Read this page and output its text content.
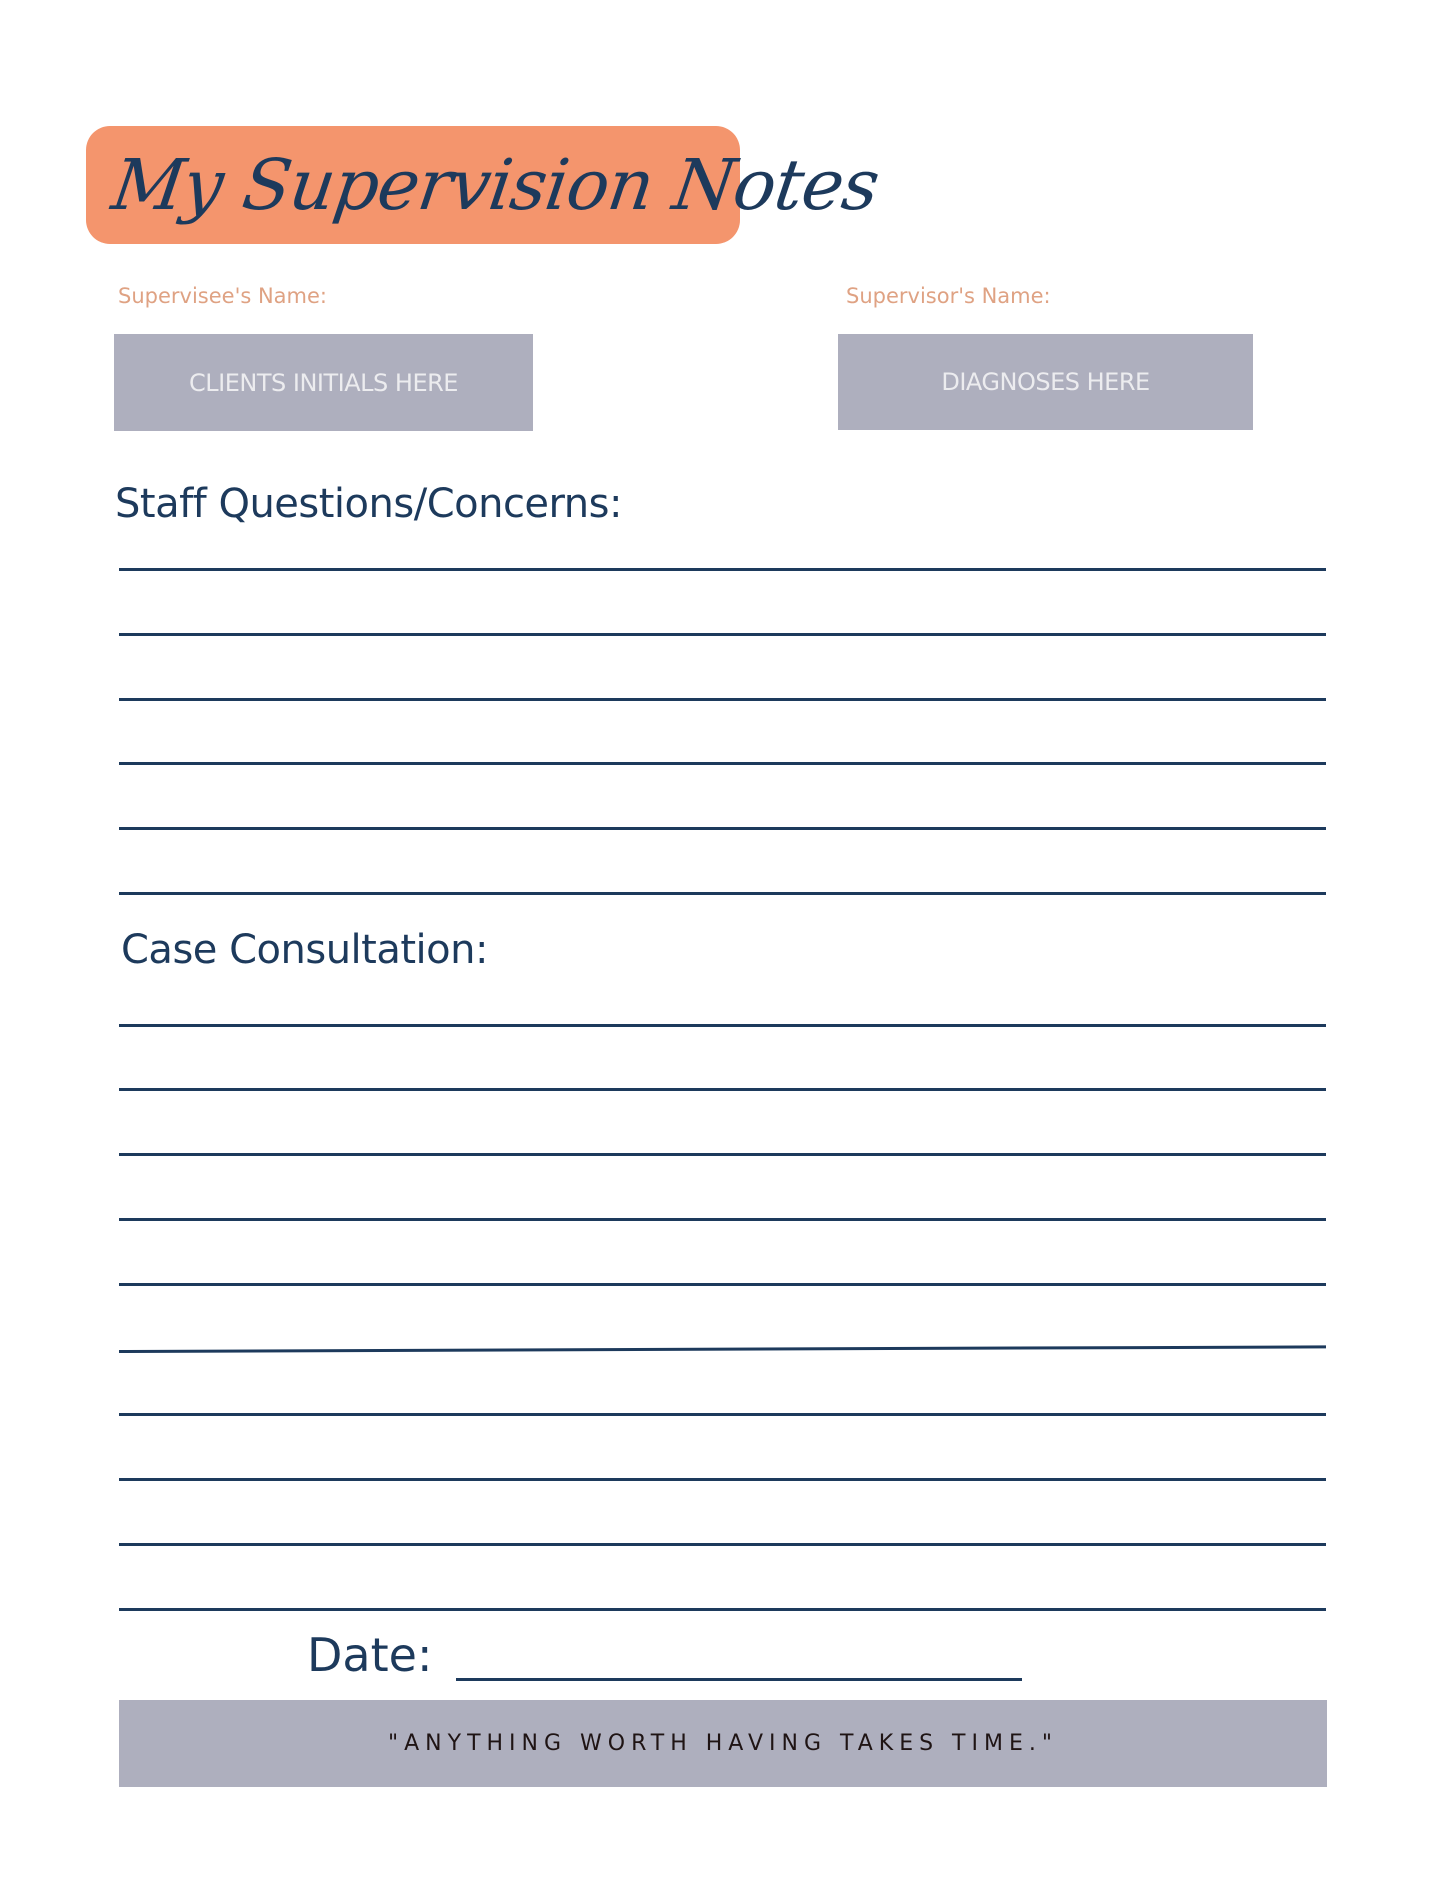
My Supervision Notes
Supervisee's Name:
CLIENTS INITIALS HERE
Supervisor's Name:
DIAGNOSES HERE
Staff Questions/Concerns:
Case Consultation:
Date:
"ANYTHING WORTH HAVING TAKES TIME."
